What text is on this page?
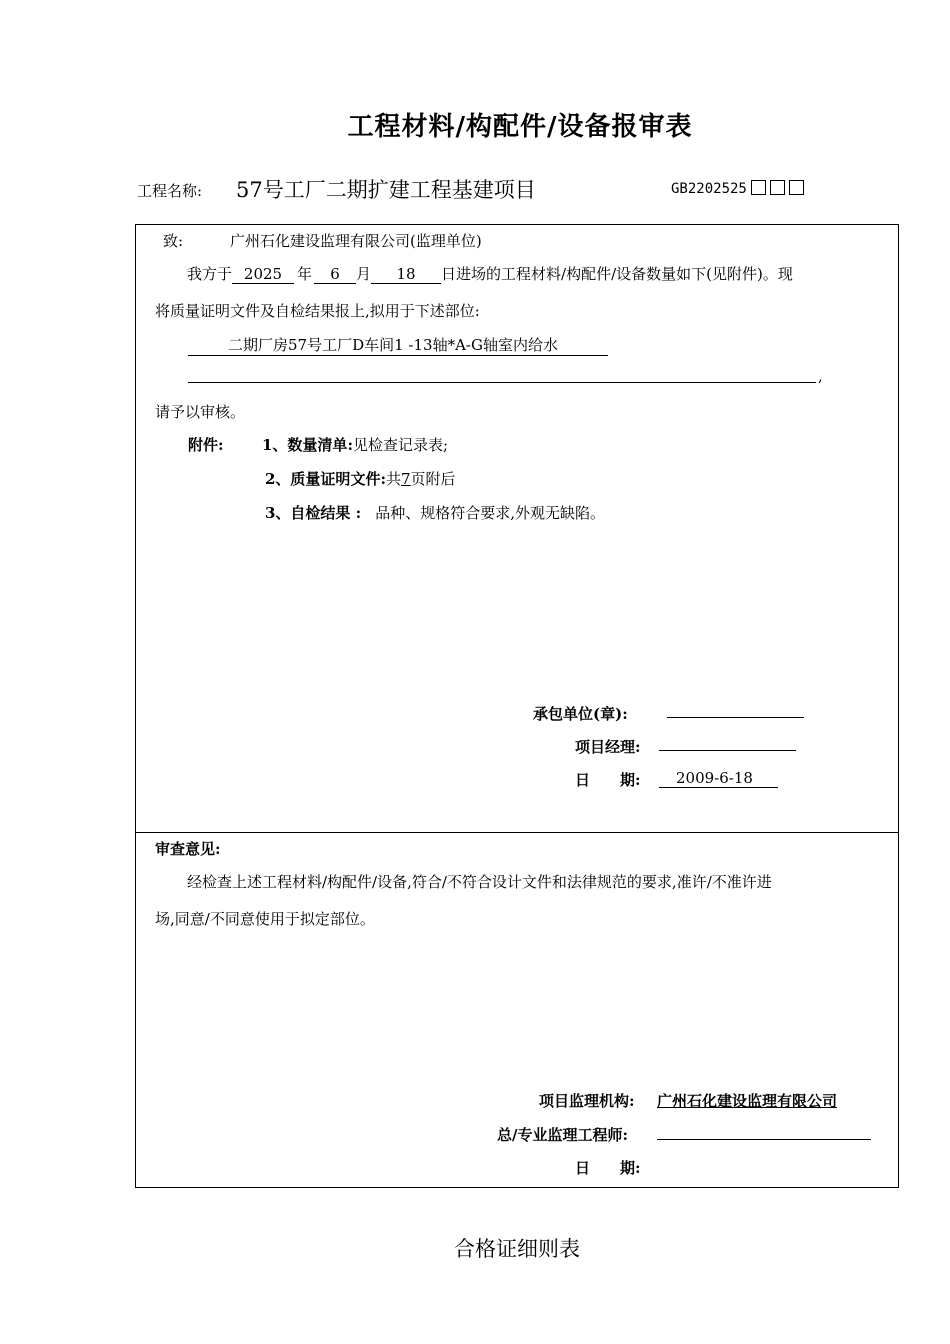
工程材料/构配件/设备报审表
工程名称: 57号工厂二期扩建工程基建项目	GB2202525
致:	广州石化建设监理有限公司(监理单位)
我方于 2025 年 6 月 18 日进场的工程材料/构配件/设备数量如下(见附件)。现
将质量证明文件及自检结果报上,拟用于下述部位:
二期厂房57号工厂D车间1 -13轴*A-G轴室内给水
,
请予以审核。
附件:	1、数量清单:见检查记录表;
2、质量证明文件:共7页附后
3、自检结果 : 品种、规格符合要求,外观无缺陷。
承包单位(章):
项目经理:
日　　期:	2009-6-18
审查意见:
经检查上述工程材料/构配件/设备,符合/不符合设计文件和法律规范的要求,准许/不准许进
场,同意/不同意使用于拟定部位。
项目监理机构: 广州石化建设监理有限公司
总/专业监理工程师:
日　　期:
合格证细则表
